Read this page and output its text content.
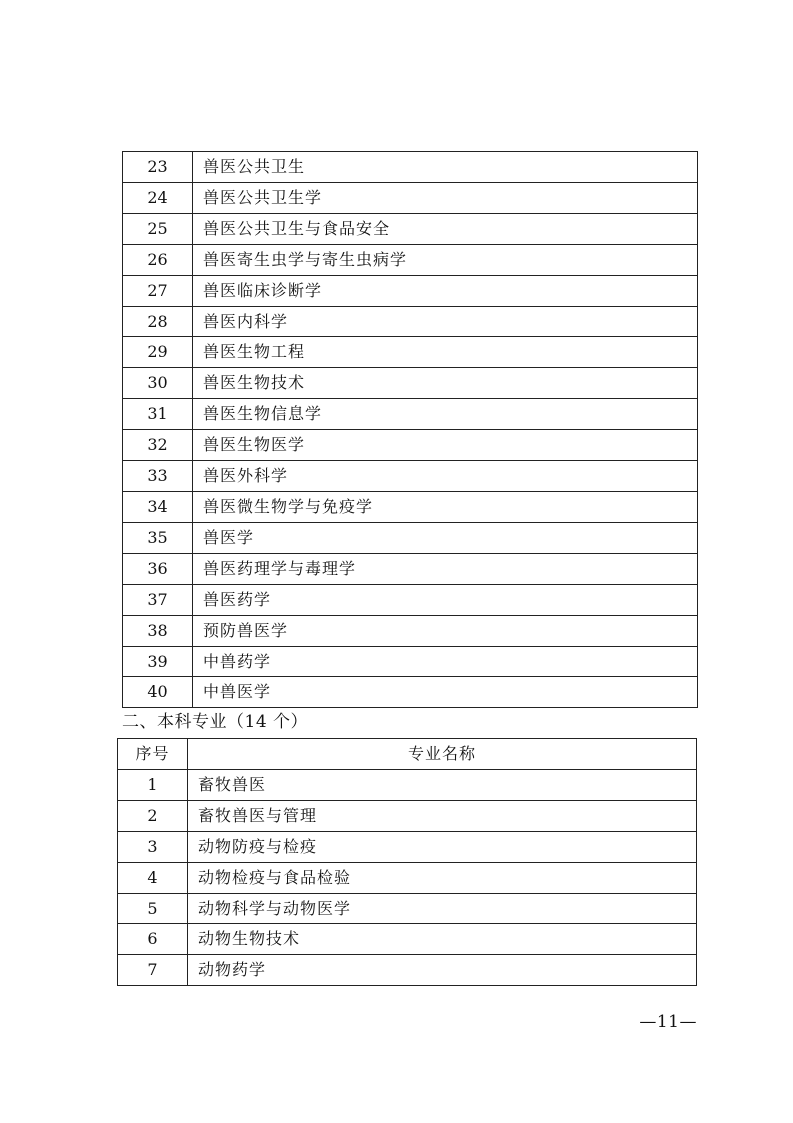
23	兽医公共卫生
24	兽医公共卫生学
25	兽医公共卫生与食品安全
26	兽医寄生虫学与寄生虫病学
27	兽医临床诊断学
28	兽医内科学
29	兽医生物工程
30	兽医生物技术
31	兽医生物信息学
32	兽医生物医学
33	兽医外科学
34	兽医微生物学与免疫学
35	兽医学
36	兽医药理学与毒理学
37	兽医药学
38	预防兽医学
39	中兽药学
40	中兽医学
二、本科专业（14 个）
序号	专业名称
1	畜牧兽医
2	畜牧兽医与管理
3	动物防疫与检疫
4	动物检疫与食品检验
5	动物科学与动物医学
6	动物生物技术
7	动物药学
—11—
